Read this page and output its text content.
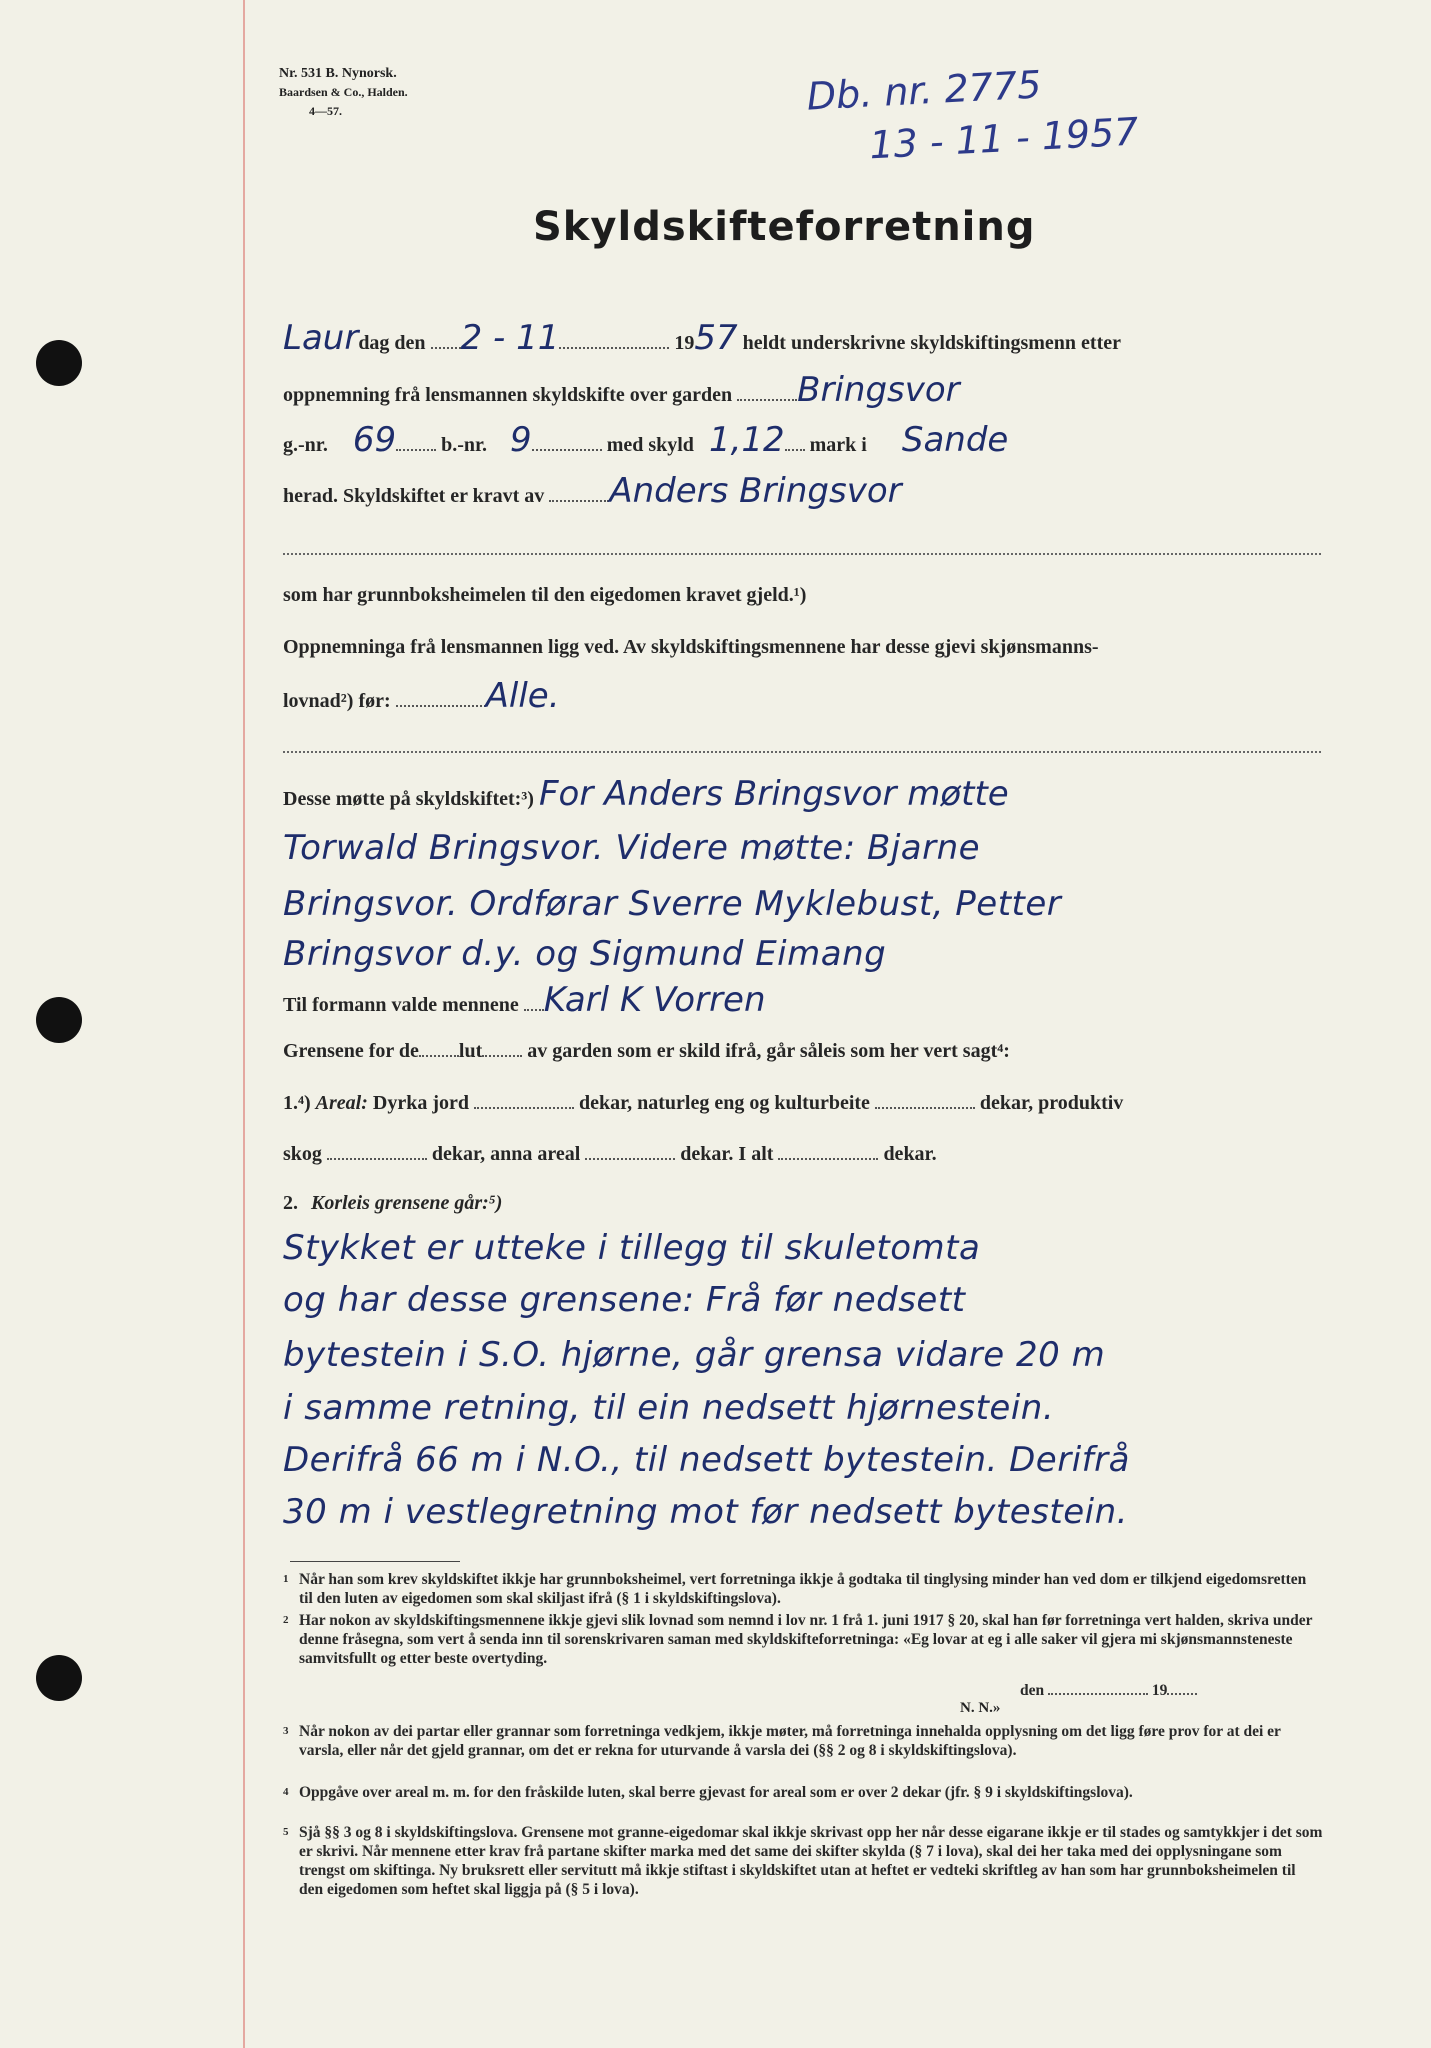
Nr. 531 B. Nynorsk.
Baardsen & Co., Halden.
4—57.	Db. nr. 2775
13 - 11 - 1957
Skyldskifteforretning
Laurdag den 2 - 11	1957 heldt underskrivne skyldskiftingsmenn etter
oppnemning frå lensmannen skyldskifte over garden Bringsvor
g.-nr. 69 b.-nr. 9	med skyld 1,12 mark i Sande
herad. Skyldskiftet er kravt av Anders Bringsvor
som har grunnboksheimelen til den eigedomen kravet gjeld.¹)
Oppnemninga frå lensmannen ligg ved. Av skyldskiftingsmennene har desse gjevi skjønsmanns-
lovnad²) før:	Alle.
Desse møtte på skyldskiftet:³) For Anders Bringsvor møtte
Torwald Bringsvor. Videre møtte: Bjarne
Bringsvor. Ordførar Sverre Myklebust, Petter
Bringsvor d.y. og Sigmund Eimang
Til formann valde mennene Karl K Vorren
Grensene for de lut av garden som er skild ifrå, går såleis som her vert sagt⁴:
1.⁴) Areal: Dyrka jord	dekar, naturleg eng og kulturbeite	dekar, produktiv
skog	dekar, anna areal	dekar. I alt	dekar.
2. Korleis grensene går:⁵)
Stykket er utteke i tillegg til skuletomta
og har desse grensene: Frå før nedsett
bytestein i S.O. hjørne, går grensa vidare 20 m
i samme retning, til ein nedsett hjørnestein.
Derifrå 66 m i N.O., til nedsett bytestein. Derifrå
30 m i vestlegretning mot før nedsett bytestein.
1 Når han som krev skyldskiftet ikkje har grunnboksheimel, vert forretninga ikkje å godtaka til tinglysing minder han ved dom er tilkjend eigedomsretten til den luten av eigedomen som skal skiljast ifrå (§ 1 i skyldskiftingslova).
2 Har nokon av skyldskiftingsmennene ikkje gjevi slik lovnad som nemnd i lov nr. 1 frå 1. juni 1917 § 20, skal han før forretninga vert halden, skriva under denne fråsegna, som vert å senda inn til sorenskrivaren saman med skyldskifteforretninga: «Eg lovar at eg i alle saker vil gjera mi skjønsmannsteneste samvitsfullt og etter beste overtyding.
den	19
N. N.»
3 Når nokon av dei partar eller grannar som forretninga vedkjem, ikkje møter, må forretninga innehalda opplysning om det ligg føre prov for at dei er varsla, eller når det gjeld grannar, om det er rekna for uturvande å varsla dei (§§ 2 og 8 i skyldskiftingslova).
4 Oppgåve over areal m. m. for den fråskilde luten, skal berre gjevast for areal som er over 2 dekar (jfr. § 9 i skyldskiftingslova).
5 Sjå §§ 3 og 8 i skyldskiftingslova. Grensene mot granne-eigedomar skal ikkje skrivast opp her når desse eigarane ikkje er til stades og samtykkjer i det som er skrivi. Når mennene etter krav frå partane skifter marka med det same dei skifter skylda (§ 7 i lova), skal dei her taka med dei opplysningane som trengst om skiftinga. Ny bruksrett eller servitutt må ikkje stiftast i skyldskiftet utan at heftet er vedteki skriftleg av han som har grunnboksheimelen til den eigedomen som heftet skal liggja på (§ 5 i lova).
